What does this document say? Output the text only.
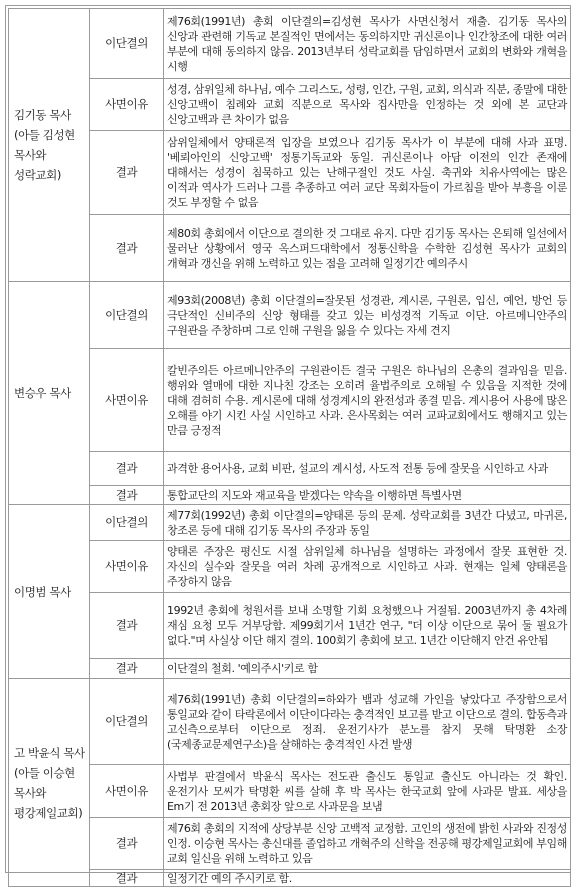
김기동 목사 (아들 김성현 목사와 성락교회)	이단결의	제76회(1991년) 총회 이단결의=김성현 목사가 사면신청서 재출. 김기동 목사의 신앙과 관련해 기독교 본질적인 면에서는 동의하지만 귀신론이나 인간창조에 대한 여러 부분에 대해 동의하지 않음. 2013년부터 성락교회를 담임하면서 교회의 변화와 개혁을 시행
	사면이유	성경, 삼위일체 하나님, 예수 그리스도, 성령, 인간, 구원, 교회, 의식과 직분, 종말에 대한 신앙고백이 침례와 교회 직분으로 목사와 집사만을 인정하는 것 외에 본 교단과 신앙고백과 큰 차이가 없음
	결과	삼위일체에서 양태론적 입장을 보였으나 김기동 목사가 이 부분에 대해 사과 표명. '베뢰아인의 신앙고백' 정통기독교와 동일. 귀신론이나 아담 이전의 인간 존재에 대해서는 성경이 침묵하고 있는 난해구절인 것도 사실. 축귀와 치유사역에는 많은 이적과 역사가 드러나 그를 추종하고 여러 교단 목회자들이 가르침을 받아 부흥을 이룬 것도 부정할 수 없음
	결과	제80회 총회에서 이단으로 결의한 것 그대로 유지. 다만 김기동 목사는 은퇴해 일선에서 물러난 상황에서 영국 옥스퍼드대학에서 정통신학을 수학한 김성현 목사가 교회의 개혁과 갱신을 위해 노력하고 있는 점을 고려해 일정기간 예의주시
변승우 목사	이단결의	제93회(2008년) 총회 이단결의=잘못된 성경관, 계시론, 구원론, 입신, 예언, 방언 등 극단적인 신비주의 신앙 형태를 갖고 있는 비성경적 기독교 이단. 아르메니안주의 구원관을 주창하며 그로 인해 구원을 잃을 수 있다는 자세 견지
	사면이유	칼빈주의든 아르메니안주의 구원관이든 결국 구원은 하나님의 은총의 결과임을 믿음. 행위와 열매에 대한 지나친 강조는 오히려 율법주의로 오해될 수 있음을 지적한 것에 대해 겸허히 수용. 계시론에 대해 성경계시의 완전성과 종결 믿음. 계시용어 사용에 많은 오해를 야기 시킨 사실 시인하고 사과. 은사목회는 여러 교파교회에서도 행해지고 있는 만큼 긍정적
	결과	과격한 용어사용, 교회 비판, 설교의 계시성, 사도적 전통 등에 잘못을 시인하고 사과
	결과	통합교단의 지도와 재교육을 받겠다는 약속을 이행하면 특별사면
이명범 목사	이단결의	제77회(1992년) 총회 이단결의=양태론 등의 문제. 성락교회를 3년간 다녔고, 마귀론, 창조론 등에 대해 김기동 목사의 주장과 동일
	사면이유	양태론 주장은 평신도 시절 삼위일체 하나님을 설명하는 과정에서 잘못 표현한 것. 자신의 실수와 잘못을 여러 차례 공개적으로 시인하고 사과. 현재는 일체 양태론을 주장하지 않음
	결과	1992년 총회에 청원서를 보내 소명할 기회 요청했으나 거절됨. 2003년까지 총 4차례 재심 요청 모두 거부당함. 제99회기서 1년간 연구, "더 이상 이단으로 묶어 둘 필요가 없다."며 사실상 이단 해지 결의. 100회기 총회에 보고. 1년간 이단해지 안건 유안됨
	결과	이단결의 철회. '예의주시'키로 함
고 박윤식 목사(아들 이승현 목사와 평강제일교회)	이단결의	제76회(1991년) 총회 이단결의=하와가 뱀과 성교해 가인을 낳았다고 주장함으로서 통일교와 같이 타락론에서 이단이다라는 충격적인 보고를 받고 이단으로 결의. 합동측과 고신측으로부터 이단으로 정죄. 운전기사가 분노를 참지 못해 탁명환 소장(국제종교문제연구소)을 살해하는 충격적인 사건 발생
	사면이유	사법부 판결에서 박윤식 목사는 전도관 출신도 통일교 출신도 아니라는 것 확인. 운전기사 모씨가 탁명환 씨를 살해 후 박 목사는 한국교회 앞에 사과문 발표. 세상을 Em기 전 2013년 총회장 앞으로 사과문을 보냄
	결과	제76회 총회의 지적에 상당부분 신앙 고백적 교정함. 고인의 생전에 밝힌 사과와 진정성 인정. 이승현 목사는 총신대를 졸업하고 개혁주의 신학을 전공해 평강제일교회에 부임해 교회 일신을 위해 노력하고 있음
	결과	일정기간 예의 주시키로 함.
